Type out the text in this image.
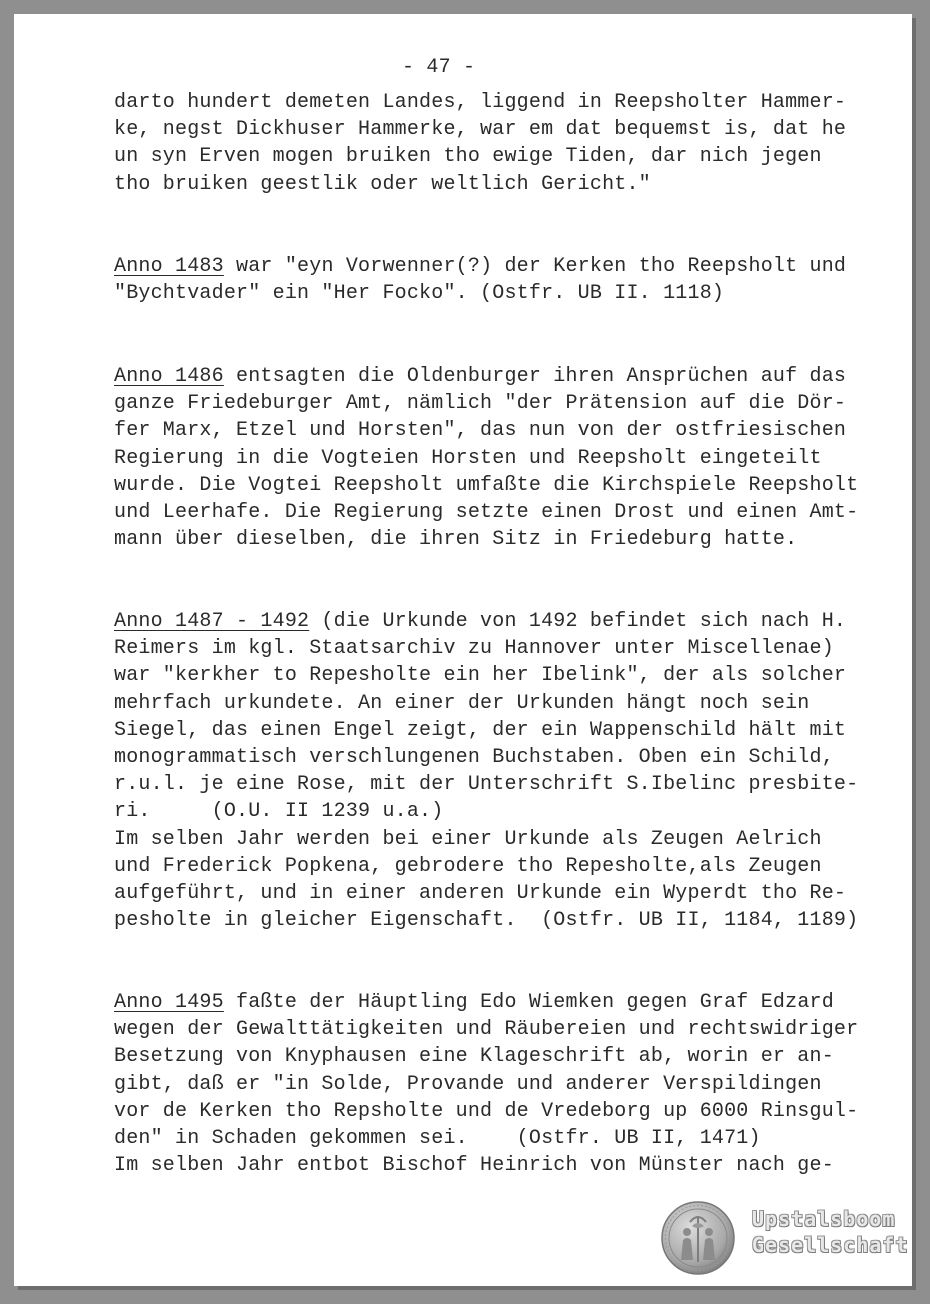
- 47 -
darto hundert demeten Landes, liggend in Reepsholter Hammer-
ke, negst Dickhuser Hammerke, war em dat bequemst is, dat he
un syn Erven mogen bruiken tho ewige Tiden, dar nich jegen
tho bruiken geestlik oder weltlich Gericht."
Anno 1483 war "eyn Vorwenner(?) der Kerken tho Reepsholt und
"Bychtvader" ein "Her Focko". (Ostfr. UB II. 1118)
Anno 1486 entsagten die Oldenburger ihren Ansprüchen auf das
ganze Friedeburger Amt, nämlich "der Prätension auf die Dör-
fer Marx, Etzel und Horsten", das nun von der ostfriesischen
Regierung in die Vogteien Horsten und Reepsholt eingeteilt
wurde. Die Vogtei Reepsholt umfaßte die Kirchspiele Reepsholt
und Leerhafe. Die Regierung setzte einen Drost und einen Amt-
mann über dieselben, die ihren Sitz in Friedeburg hatte.
Anno 1487 - 1492 (die Urkunde von 1492 befindet sich nach H.
Reimers im kgl. Staatsarchiv zu Hannover unter Miscellenae)
war "kerkher to Repesholte ein her Ibelink", der als solcher
mehrfach urkundete. An einer der Urkunden hängt noch sein
Siegel, das einen Engel zeigt, der ein Wappenschild hält mit
monogrammatisch verschlungenen Buchstaben. Oben ein Schild,
r.u.l. je eine Rose, mit der Unterschrift S.Ibelinc presbite-
ri.     (O.U. II 1239 u.a.)
Im selben Jahr werden bei einer Urkunde als Zeugen Aelrich
und Frederick Popkena, gebrodere tho Repesholte,als Zeugen
aufgeführt, und in einer anderen Urkunde ein Wyperdt tho Re-
pesholte in gleicher Eigenschaft.  (Ostfr. UB II, 1184, 1189)
Anno 1495 faßte der Häuptling Edo Wiemken gegen Graf Edzard
wegen der Gewalttätigkeiten und Räubereien und rechtswidriger
Besetzung von Knyphausen eine Klageschrift ab, worin er an-
gibt, daß er "in Solde, Provande und anderer Verspildingen
vor de Kerken tho Repsholte und de Vredeborg up 6000 Rinsgul-
den" in Schaden gekommen sei.    (Ostfr. UB II, 1471)
Im selben Jahr entbot Bischof Heinrich von Münster nach ge-
Upstalsboom
Gesellschaft
